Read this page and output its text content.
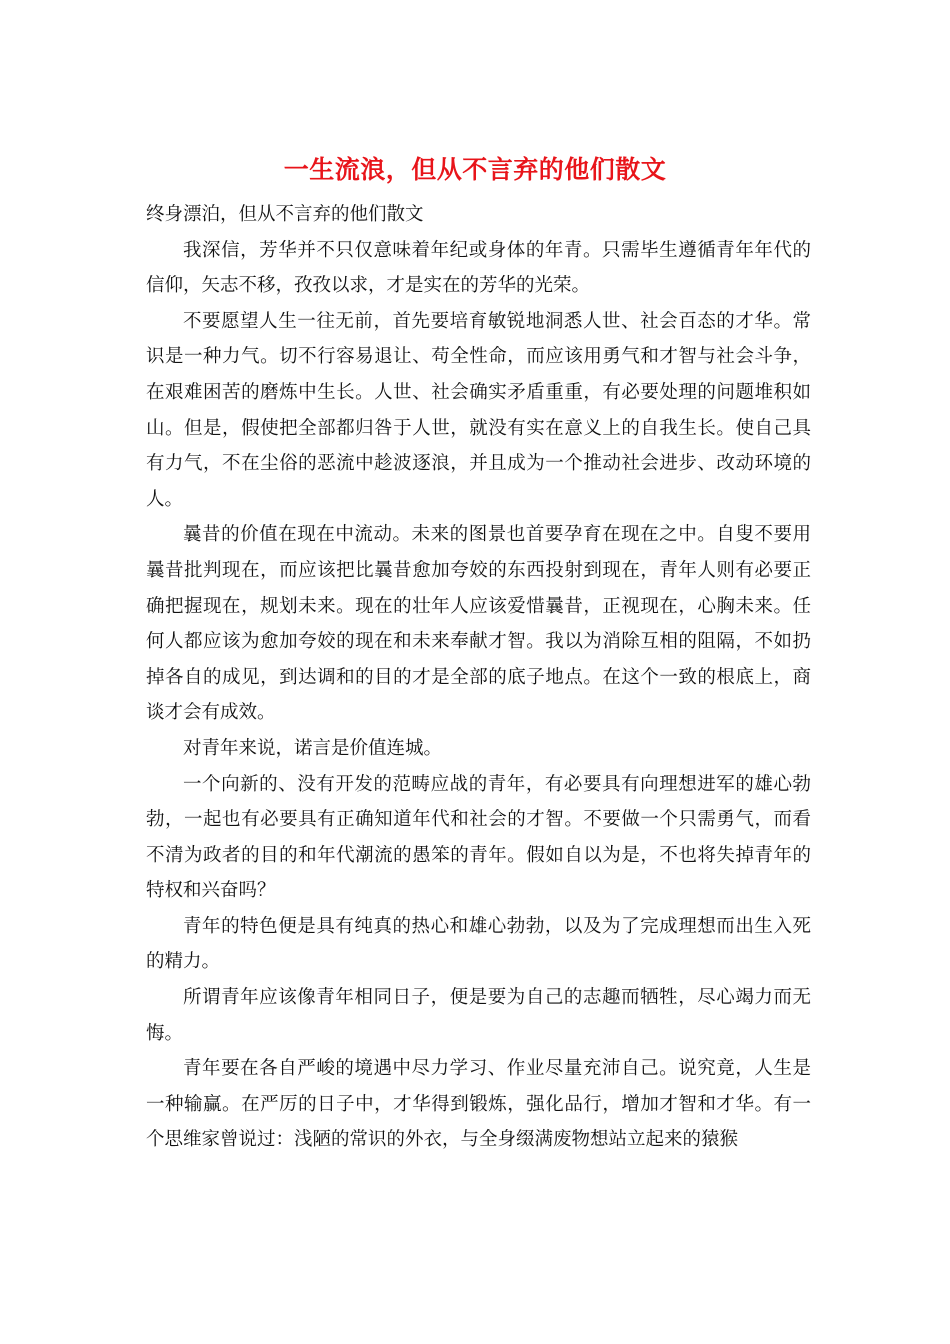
一生流浪，但从不言弃的他们散文

终身漂泊，但从不言弃的他们散文

我深信，芳华并不只仅意味着年纪或身体的年青。只需毕生遵循青年年代的信仰，矢志不移，孜孜以求，才是实在的芳华的光荣。

不要愿望人生一往无前，首先要培育敏锐地洞悉人世、社会百态的才华。常识是一种力气。切不行容易退让、苟全性命，而应该用勇气和才智与社会斗争，在艰难困苦的磨炼中生长。人世、社会确实矛盾重重，有必要处理的问题堆积如山。但是，假使把全部都归咎于人世，就没有实在意义上的自我生长。使自己具有力气，不在尘俗的恶流中趁波逐浪，并且成为一个推动社会进步、改动环境的人。

曩昔的价值在现在中流动。未来的图景也首要孕育在现在之中。自叟不要用曩昔批判现在，而应该把比曩昔愈加夸姣的东西投射到现在，青年人则有必要正确把握现在，规划未来。现在的壮年人应该爱惜曩昔，正视现在，心胸未来。任何人都应该为愈加夸姣的现在和未来奉献才智。我以为消除互相的阻隔，不如扔掉各自的成见，到达调和的目的才是全部的底子地点。在这个一致的根底上，商谈才会有成效。

对青年来说，诺言是价值连城。

一个向新的、没有开发的范畴应战的青年，有必要具有向理想进军的雄心勃勃，一起也有必要具有正确知道年代和社会的才智。不要做一个只需勇气，而看不清为政者的目的和年代潮流的愚笨的青年。假如自以为是，不也将失掉青年的特权和兴奋吗？

青年的特色便是具有纯真的热心和雄心勃勃，以及为了完成理想而出生入死的精力。

所谓青年应该像青年相同日子，便是要为自己的志趣而牺牲，尽心竭力而无悔。

青年要在各自严峻的境遇中尽力学习、作业尽量充沛自己。说究竟，人生是一种输赢。在严厉的日子中，才华得到锻炼，强化品行，增加才智和才华。有一个思维家曾说过：浅陋的常识的外衣，与全身缀满废物想站立起来的猿猴
